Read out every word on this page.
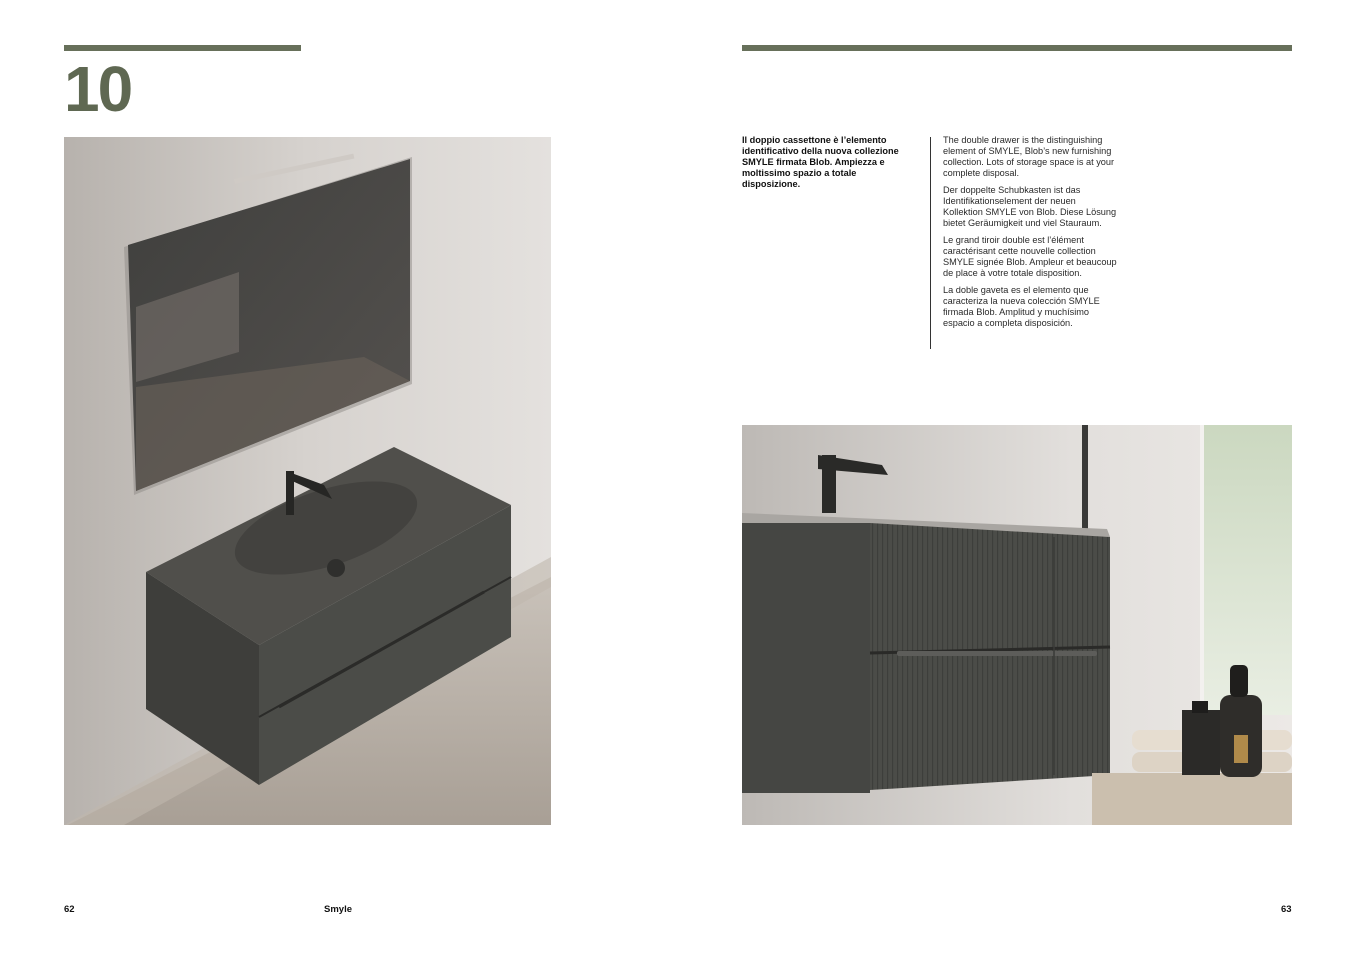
10
62	Smyle
Il doppio cassettone è l’elemento identificativo della nuova collezione SMYLE firmata Blob. Ampiezza e moltissimo spazio a totale disposizione.

The double drawer is the distinguishing element of SMYLE, Blob’s new furnishing collection. Lots of storage space is at your complete disposal.

Der doppelte Schubkasten ist das Identifikationselement der neuen Kollektion SMYLE von Blob. Diese Lösung bietet Geräumigkeit und viel Stauraum.

Le grand tiroir double est l’élément caractérisant cette nouvelle collection SMYLE signée Blob. Ampleur et beaucoup de place à votre totale disposition.

La doble gaveta es el elemento que caracteriza la nueva colección SMYLE firmada Blob. Amplitud y muchísimo espacio a completa disposición.

63
